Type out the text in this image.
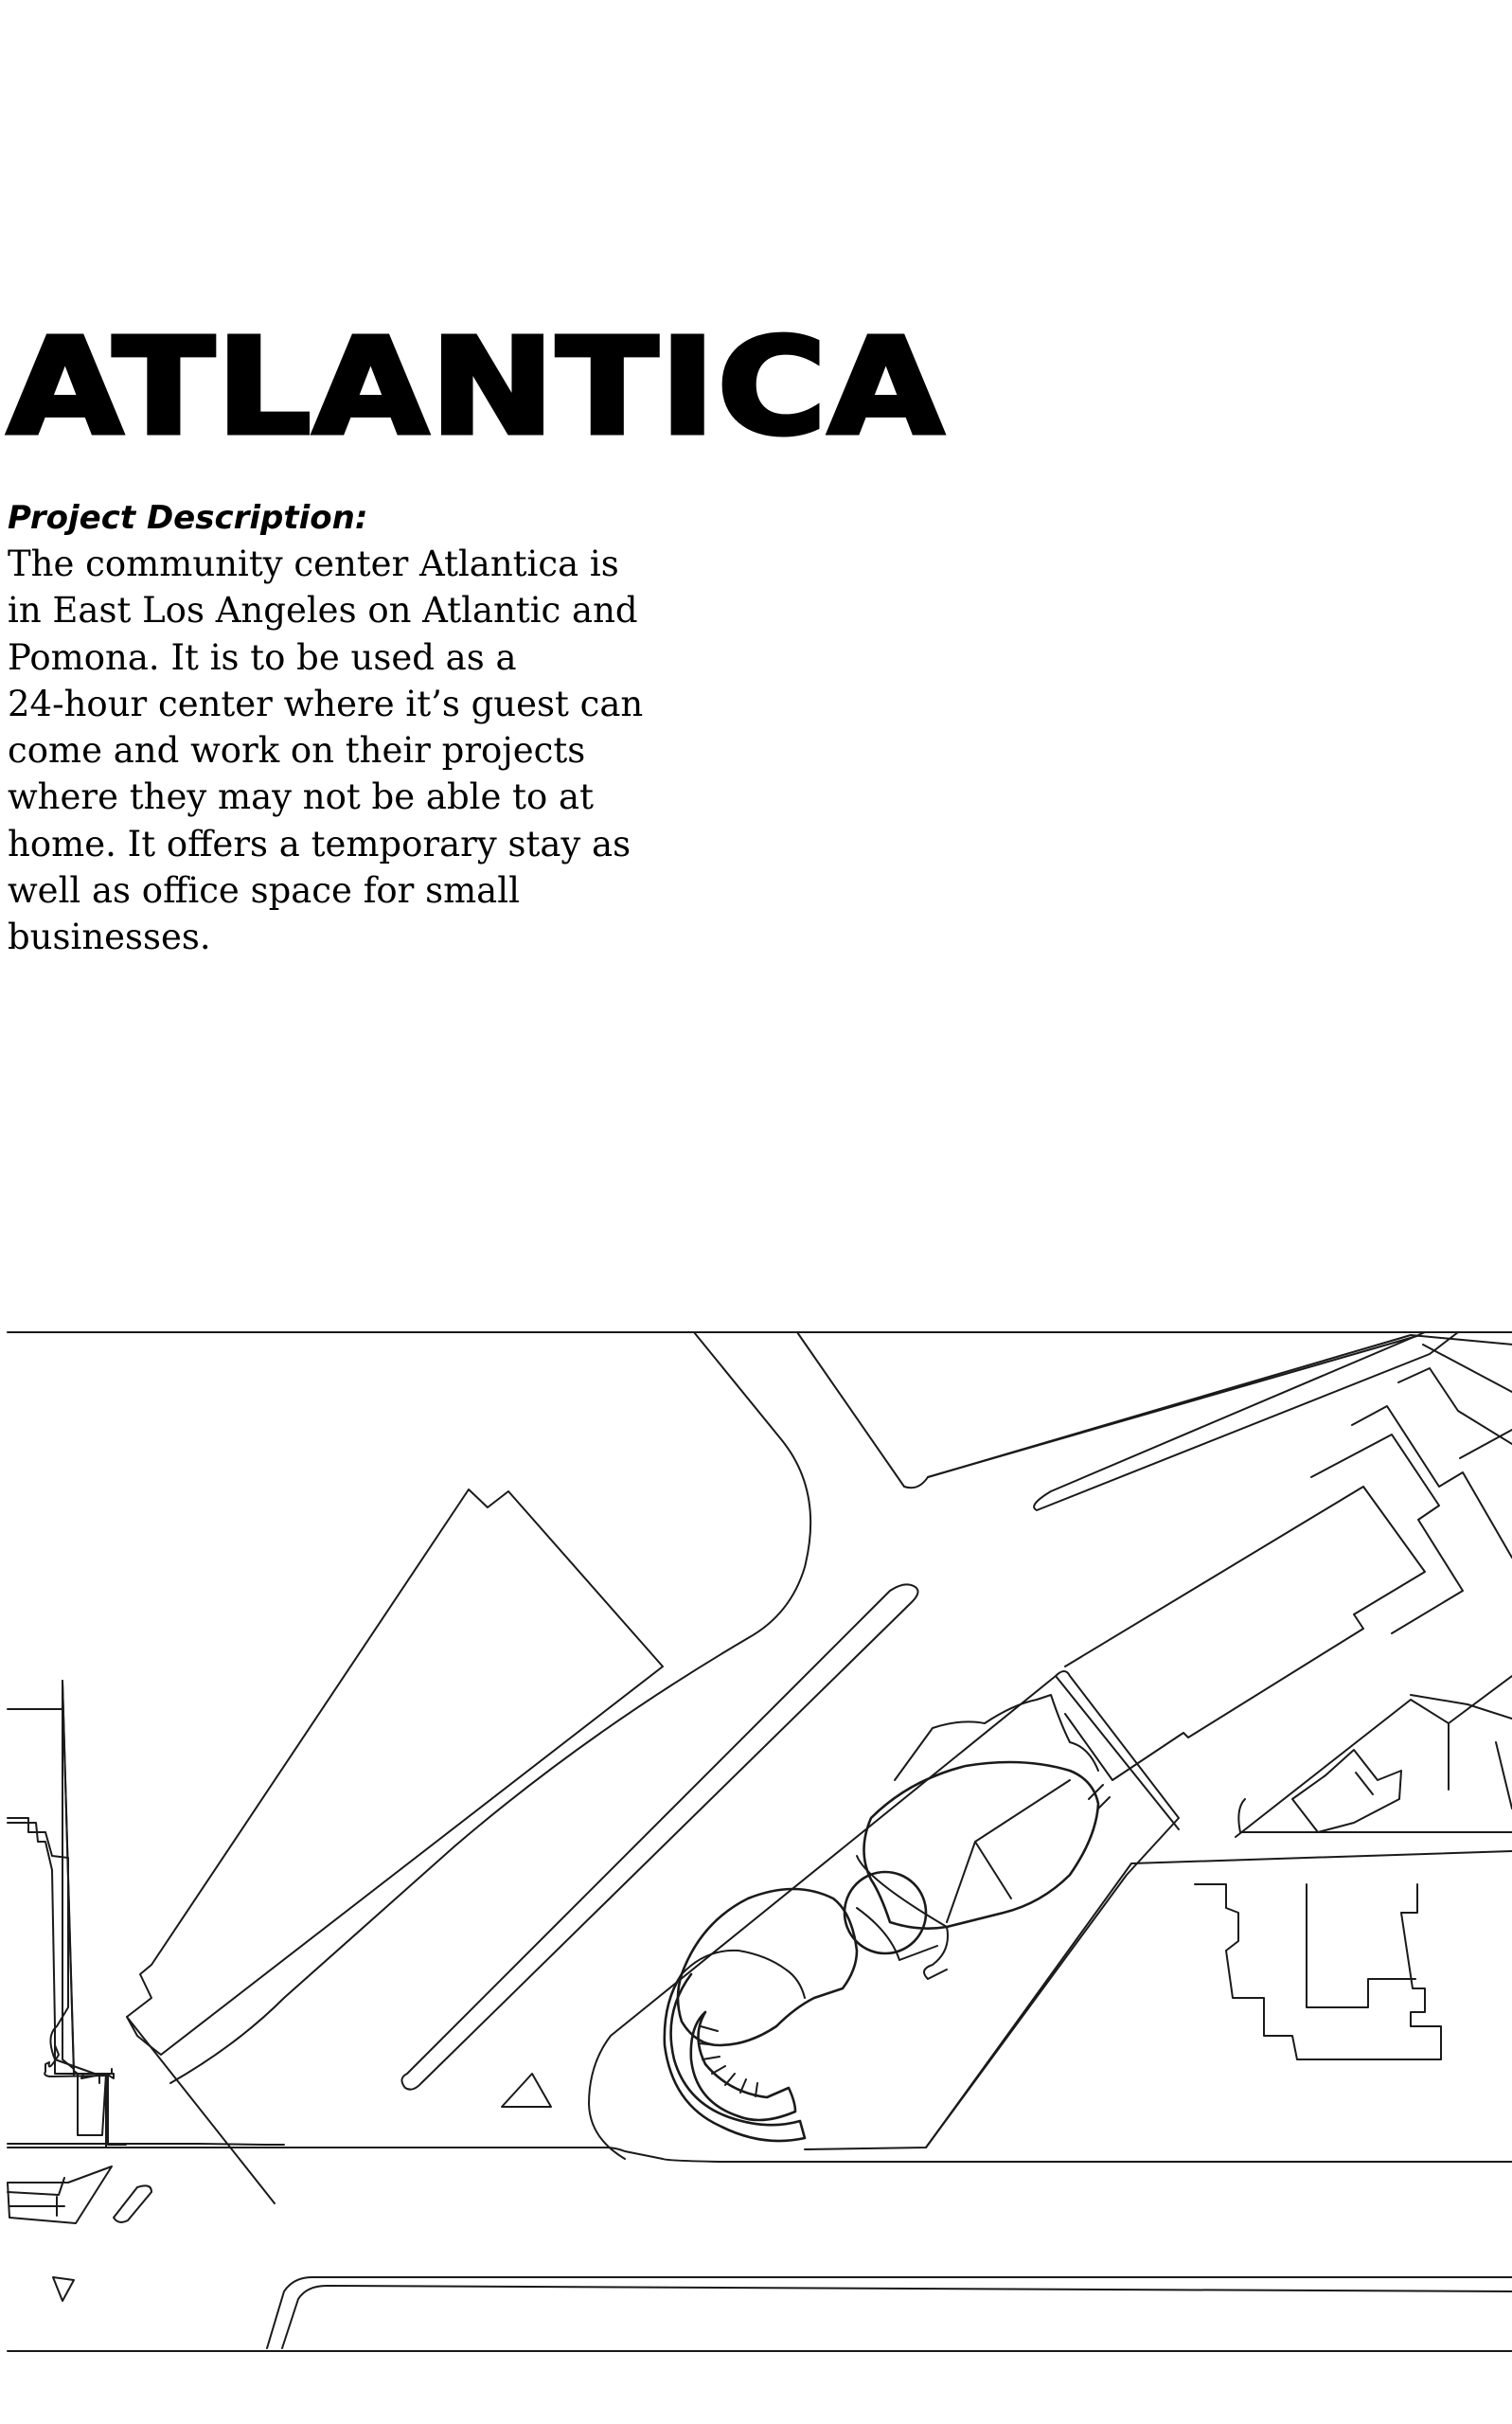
ATLANTICA
Project Description:

The community center Atlantica is
in East Los Angeles on Atlantic and
Pomona. It is to be used as a
24-hour center where it’s guest can
come and work on their projects
where they may not be able to at
home. It offers a temporary stay as
well as office space for small
businesses.
